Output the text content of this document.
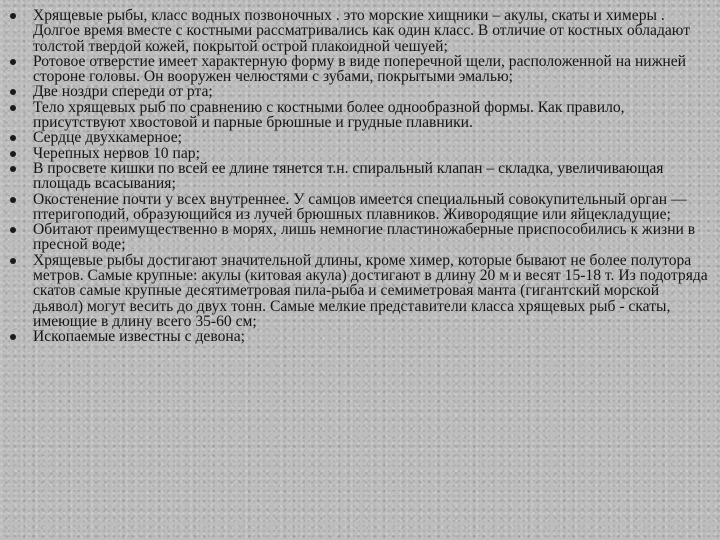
Хрящевые рыбы, класс водных позвоночных . это морские хищники – акулы, скаты и химеры . Долгое время вместе с костными рассматривались как один класс. В отличие от костных обладают толстой твердой кожей, покрытой острой плакоидной чешуей;
Ротовое отверстие имеет характерную форму в виде поперечной щели, расположенной на нижней стороне головы. Он вооружен челюстями с зубами, покрытыми эмалью;
Две ноздри спереди от рта;
Тело хрящевых рыб по сравнению с костными более однообразной формы. Как правило, присутствуют хвостовой и парные брюшные и грудные плавники.
Сердце двухкамерное;
Черепных нервов 10 пар;
В просвете кишки по всей ее длине тянется т.н. спиральный клапан – складка, увеличивающая площадь всасывания;
Окостенение почти у всех внутреннее. У самцов имеется специальный совокупительный орган — птеригоподий, образующийся из лучей брюшных плавников. Живородящие или яйцекладущие;
Обитают преимущественно в морях, лишь немногие пластиножаберные приспособились к жизни в пресной воде;
Хрящевые рыбы достигают значительной длины, кроме химер, которые бывают не более полутора метров. Самые крупные: акулы (китовая акула) достигают в длину 20 м и весят 15-18 т. Из подотряда скатов самые крупные десятиметровая пила-рыба и семиметровая манта (гигантский морской дьявол) могут весить до двух тонн. Самые мелкие представители класса хрящевых рыб - скаты, имеющие в длину всего 35-60 см;
Ископаемые известны с девона;
